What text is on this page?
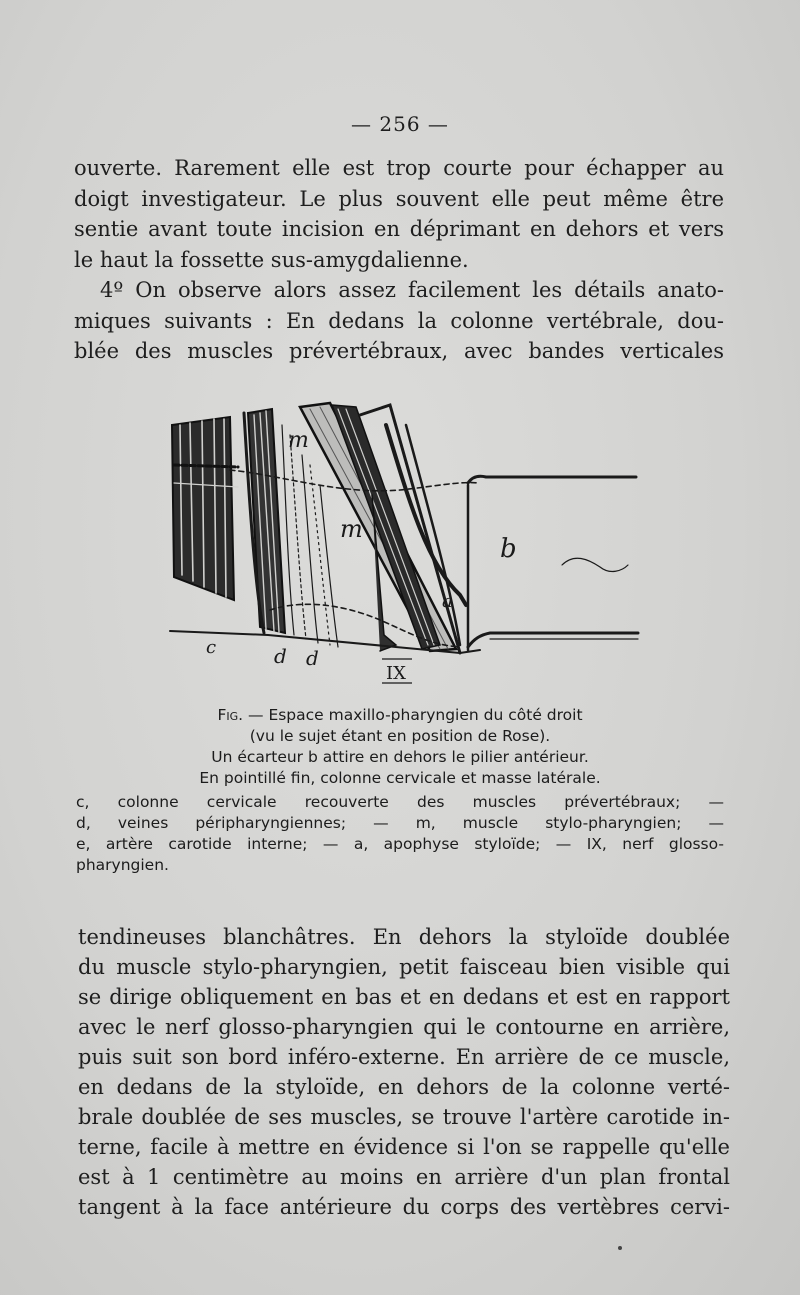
— 256 —
ouverte. Rarement elle est trop courte pour échapper au
doigt investigateur. Le plus souvent elle peut même être
sentie avant toute incision en déprimant en dehors et vers
le haut la fossette sus-amygdalienne.
4º On observe alors assez facilement les détails anato-
miques suivants : En dedans la colonne vertébrale, dou-
blée des muscles prévertébraux, avec bandes verticales
m
m
b
a
c	d d
IX
Fig. — Espace maxillo-pharyngien du côté droit
(vu le sujet étant en position de Rose).
Un écarteur b attire en dehors le pilier antérieur.
En pointillé fin, colonne cervicale et masse latérale.
c, colonne cervicale recouverte des muscles prévertébraux; —
d, veines péripharyngiennes; — m, muscle stylo-pharyngien; —
e, artère carotide interne; — a, apophyse styloïde; — IX, nerf glosso-
pharyngien.
tendineuses blanchâtres. En dehors la styloïde doublée
du muscle stylo-pharyngien, petit faisceau bien visible qui
se dirige obliquement en bas et en dedans et est en rapport
avec le nerf glosso-pharyngien qui le contourne en arrière,
puis suit son bord inféro-externe. En arrière de ce muscle,
en dedans de la styloïde, en dehors de la colonne verté-
brale doublée de ses muscles, se trouve l'artère carotide in-
terne, facile à mettre en évidence si l'on se rappelle qu'elle
est à 1 centimètre au moins en arrière d'un plan frontal
tangent à la face antérieure du corps des vertèbres cervi-
